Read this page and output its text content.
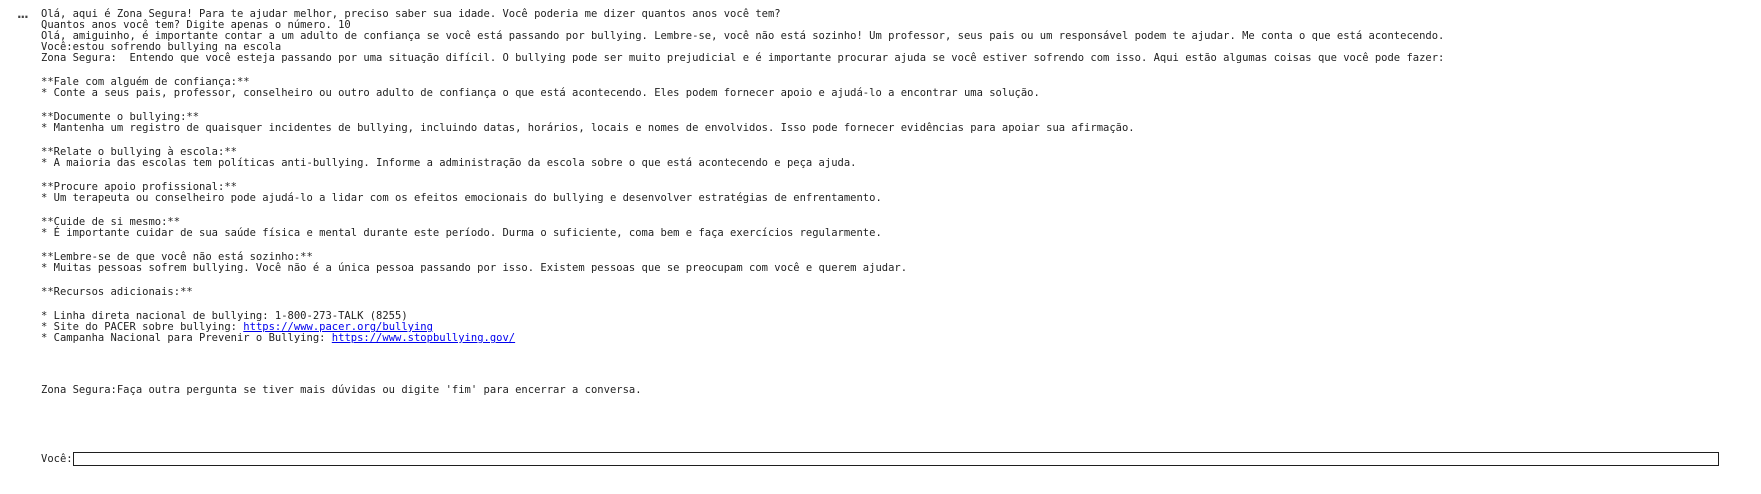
... Olá, aqui é Zona Segura! Para te ajudar melhor, preciso saber sua idade. Você poderia me dizer quantos anos você tem?
Quantos anos você tem? Digite apenas o número. 10
Olá, amiguinho, é importante contar a um adulto de confiança se você está passando por bullying. Lembre-se, você não está sozinho! Um professor, seus pais ou um responsável podem te ajudar. Me conta o que está acontecendo.
Você:estou sofrendo bullying na escola
Zona Segura:  Entendo que você esteja passando por uma situação difícil. O bullying pode ser muito prejudicial e é importante procurar ajuda se você estiver sofrendo com isso. Aqui estão algumas coisas que você pode fazer:
**Fale com alguém de confiança:**
* Conte a seus pais, professor, conselheiro ou outro adulto de confiança o que está acontecendo. Eles podem fornecer apoio e ajudá-lo a encontrar uma solução.
**Documente o bullying:**
* Mantenha um registro de quaisquer incidentes de bullying, incluindo datas, horários, locais e nomes de envolvidos. Isso pode fornecer evidências para apoiar sua afirmação.
**Relate o bullying à escola:**
* A maioria das escolas tem políticas anti-bullying. Informe a administração da escola sobre o que está acontecendo e peça ajuda.
**Procure apoio profissional:**
* Um terapeuta ou conselheiro pode ajudá-lo a lidar com os efeitos emocionais do bullying e desenvolver estratégias de enfrentamento.
**Cuide de si mesmo:**
* É importante cuidar de sua saúde física e mental durante este período. Durma o suficiente, coma bem e faça exercícios regularmente.
**Lembre-se de que você não está sozinho:**
* Muitas pessoas sofrem bullying. Você não é a única pessoa passando por isso. Existem pessoas que se preocupam com você e querem ajudar.
**Recursos adicionais:**
* Linha direta nacional de bullying: 1-800-273-TALK (8255)
* Site do PACER sobre bullying: https://www.pacer.org/bullying
* Campanha Nacional para Prevenir o Bullying: https://www.stopbullying.gov/
Zona Segura:Faça outra pergunta se tiver mais dúvidas ou digite 'fim' para encerrar a conversa.
Você:
